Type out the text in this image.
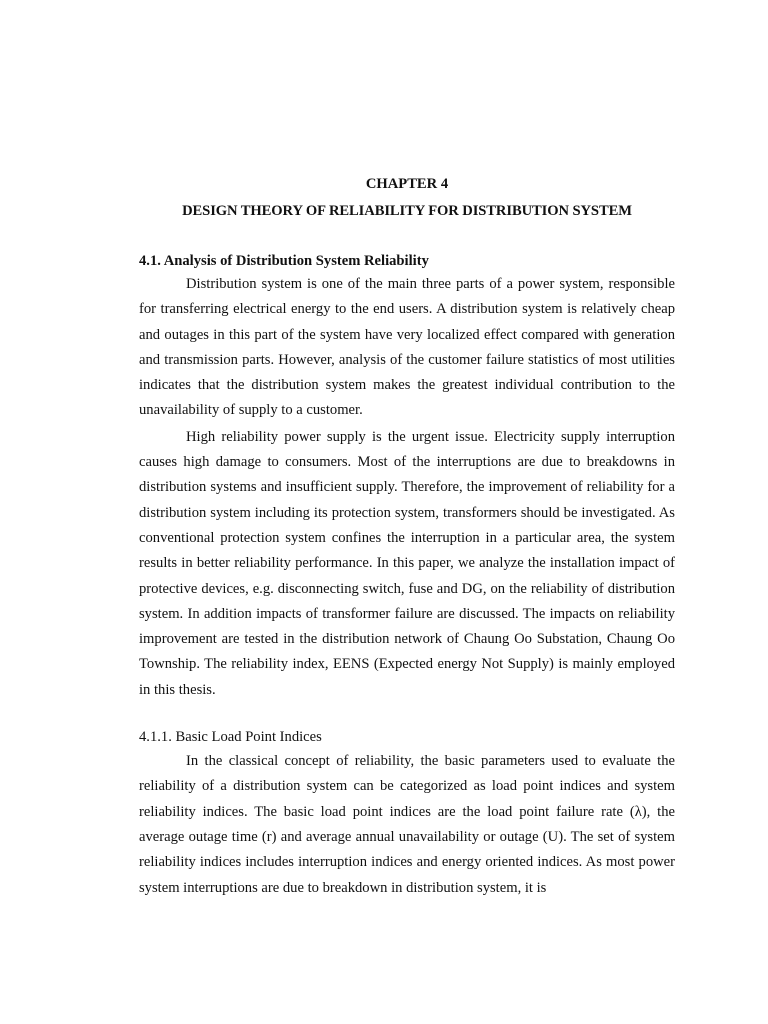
CHAPTER 4

DESIGN THEORY OF RELIABILITY FOR DISTRIBUTION SYSTEM

4.1. Analysis of Distribution System Reliability

Distribution system is one of the main three parts of a power system, responsible for transferring electrical energy to the end users. A distribution system is relatively cheap and outages in this part of the system have very localized effect compared with generation and transmission parts. However, analysis of the customer failure statistics of most utilities indicates that the distribution system makes the greatest individual contribution to the unavailability of supply to a customer.

High reliability power supply is the urgent issue. Electricity supply interruption causes high damage to consumers. Most of the interruptions are due to breakdowns in distribution systems and insufficient supply. Therefore, the improvement of reliability for a distribution system including its protection system, transformers should be investigated. As conventional protection system confines the interruption in a particular area, the system results in better reliability performance. In this paper, we analyze the installation impact of protective devices, e.g. disconnecting switch, fuse and DG, on the reliability of distribution system. In addition impacts of transformer failure are discussed. The impacts on reliability improvement are tested in the distribution network of Chaung Oo Substation, Chaung Oo Township. The reliability index, EENS (Expected energy Not Supply) is mainly employed in this thesis.

4.1.1. Basic Load Point Indices

In the classical concept of reliability, the basic parameters used to evaluate the reliability of a distribution system can be categorized as load point indices and system reliability indices. The basic load point indices are the load point failure rate (λ), the average outage time (r) and average annual unavailability or outage (U). The set of system reliability indices includes interruption indices and energy oriented indices. As most power system interruptions are due to breakdown in distribution system, it is
